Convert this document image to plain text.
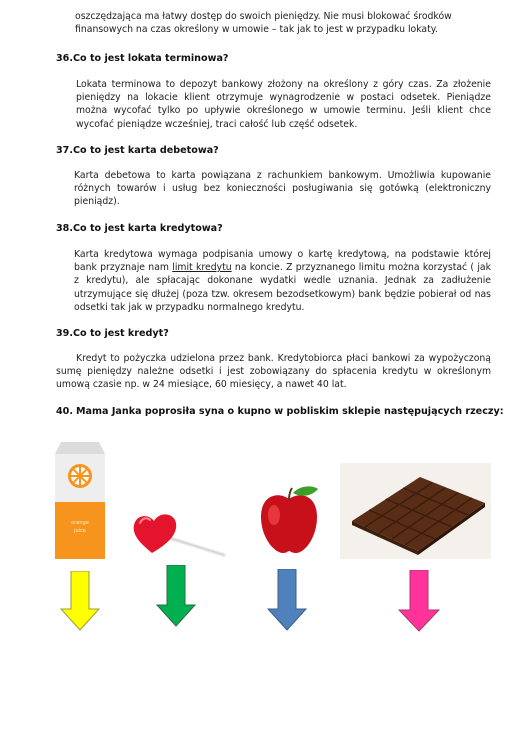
oszczędzająca ma łatwy dostęp do swoich pieniędzy. Nie musi blokować środków
finansowych na czas określony w umowie – tak jak to jest w przypadku lokaty.
36.Co to jest lokata terminowa?
Lokata terminowa to depozyt bankowy złożony na określony z góry czas. Za złożenie pieniędzy na lokacie klient otrzymuje wynagrodzenie w postaci odsetek. Pieniądze można wycofać tylko po upływie określonego w umowie terminu. Jeśli klient chce wycofać pieniądze wcześniej, traci całość lub część odsetek.
37.Co to jest karta debetowa?
Karta debetowa to karta powiązana z rachunkiem bankowym. Umożliwia kupowanie różnych towarów i usług bez konieczności posługiwania się gotówką (elektroniczny pieniądz).
38.Co to jest karta kredytowa?
Karta kredytowa wymaga podpisania umowy o kartę kredytową, na podstawie której bank przyznaje nam limit kredytu na koncie. Z przyznanego limitu można korzystać ( jak z kredytu), ale spłacając dokonane wydatki wedle uznania. Jednak za zadłużenie utrzymujące się dłużej (poza tzw. okresem bezodsetkowym) bank będzie pobierał od nas odsetki tak jak w przypadku normalnego kredytu.
39.Co to jest kredyt?
Kredyt to pożyczka udzielona przez bank. Kredytobiorca płaci bankowi za wypożyczoną sumę pieniędzy należne odsetki i jest zobowiązany do spłacenia kredytu w określonym umową czasie np. w 24 miesiące, 60 miesięcy, a nawet 40 lat.
40. Mama Janka poprosiła syna o kupno w pobliskim sklepie następujących rzeczy:
orange
juice
